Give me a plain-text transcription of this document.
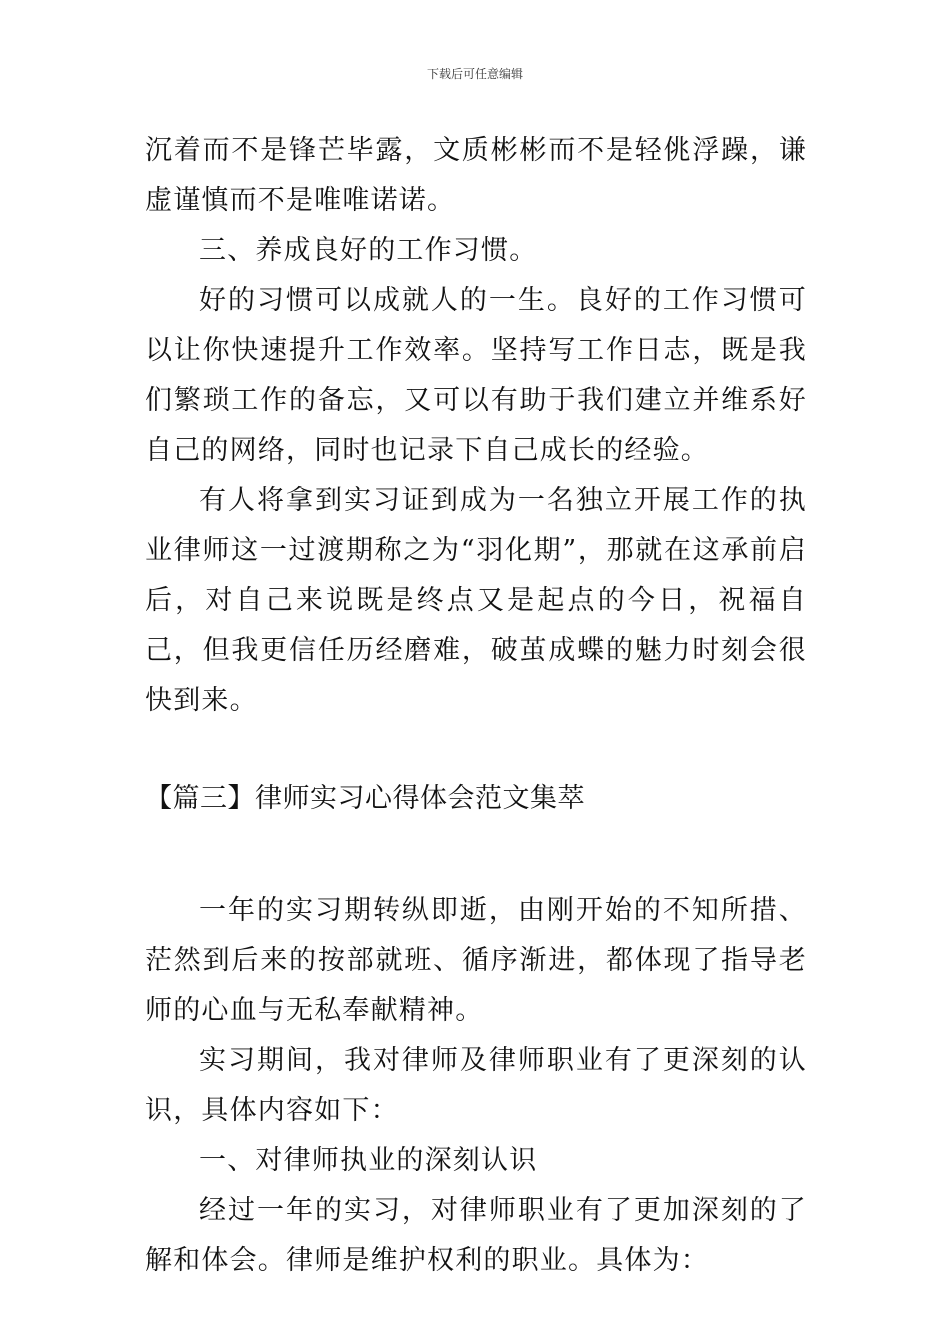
下载后可任意编辑

沉着而不是锋芒毕露，文质彬彬而不是轻佻浮躁，谦虚谨慎而不是唯唯诺诺。

三、养成良好的工作习惯。

好的习惯可以成就人的一生。良好的工作习惯可以让你快速提升工作效率。坚持写工作日志，既是我们繁琐工作的备忘，又可以有助于我们建立并维系好自己的网络，同时也记录下自己成长的经验。

有人将拿到实习证到成为一名独立开展工作的执业律师这一过渡期称之为“羽化期”，那就在这承前启后，对自己来说既是终点又是起点的今日，祝福自己，但我更信任历经磨难，破茧成蝶的魅力时刻会很快到来。

【篇三】律师实习心得体会范文集萃

一年的实习期转纵即逝，由刚开始的不知所措、茫然到后来的按部就班、循序渐进，都体现了指导老师的心血与无私奉献精神。

实习期间，我对律师及律师职业有了更深刻的认识，具体内容如下：

一、对律师执业的深刻认识

经过一年的实习，对律师职业有了更加深刻的了解和体会。律师是维护权利的职业。具体为：
